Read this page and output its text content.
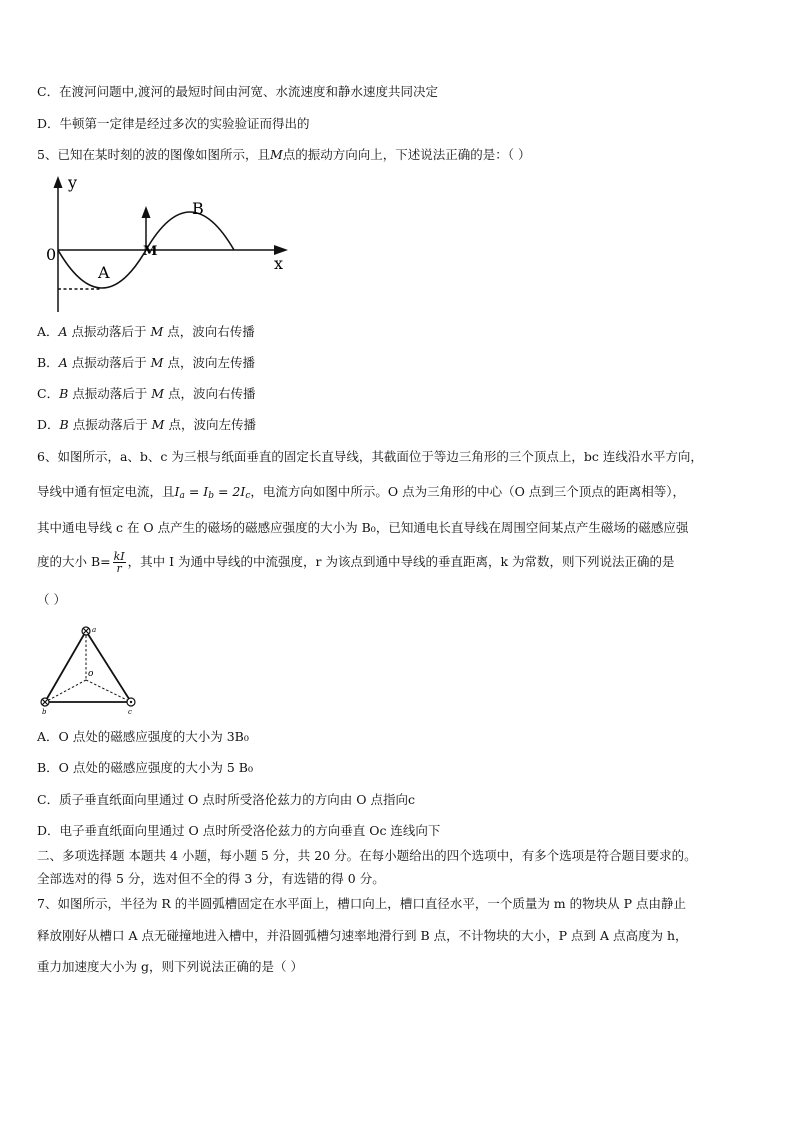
C．在渡河问题中,渡河的最短时间由河宽、水流速度和静水速度共同决定
D．牛顿第一定律是经过多次的实验验证而得出的
5、已知在某时刻的波的图像如图所示，且M点的振动方向向上，下述说法正确的是：（ ）
y
x
0
A
B
M
A．A 点振动落后于 M 点，波向右传播
B．A 点振动落后于 M 点，波向左传播
C．B 点振动落后于 M 点，波向右传播
D．B 点振动落后于 M 点，波向左传播
6、如图所示，a、b、c 为三根与纸面垂直的固定长直导线，其截面位于等边三角形的三个顶点上，bc 连线沿水平方向，
导线中通有恒定电流，且$I_a = I_b = 2I_c$，电流方向如图中所示。O 点为三角形的中心（O 点到三个顶点的距离相等），
其中通电导线 c 在 O 点产生的磁场的磁感应强度的大小为 B₀，已知通电长直导线在周围空间某点产生磁场的磁感应强
度的大小 $B= \frac{kI}{r}$ ，其中 I 为通中导线的中流强度，r 为该点到通中导线的垂直距离，k 为常数，则下列说法正确的是
（ ）
a
b	c
o
A．O 点处的磁感应强度的大小为 3B₀
B．O 点处的磁感应强度的大小为 5 B₀
C．质子垂直纸面向里通过 O 点时所受洛伦兹力的方向由 O 点指向c
D．电子垂直纸面向里通过 O 点时所受洛伦兹力的方向垂直 Oc 连线向下
二、多项选择题 本题共 4 小题，每小题 5 分，共 20 分。在每小题给出的四个选项中，有多个选项是符合题目要求的。
全部选对的得 5 分，选对但不全的得 3 分，有选错的得 0 分。
7、如图所示，半径为 R 的半圆弧槽固定在水平面上，槽口向上，槽口直径水平，一个质量为 m 的物块从 P 点由静止
释放刚好从槽口 A 点无碰撞地进入槽中，并沿圆弧槽匀速率地滑行到 B 点，不计物块的大小，P 点到 A 点高度为 h，
重力加速度大小为 g，则下列说法正确的是（ ）
